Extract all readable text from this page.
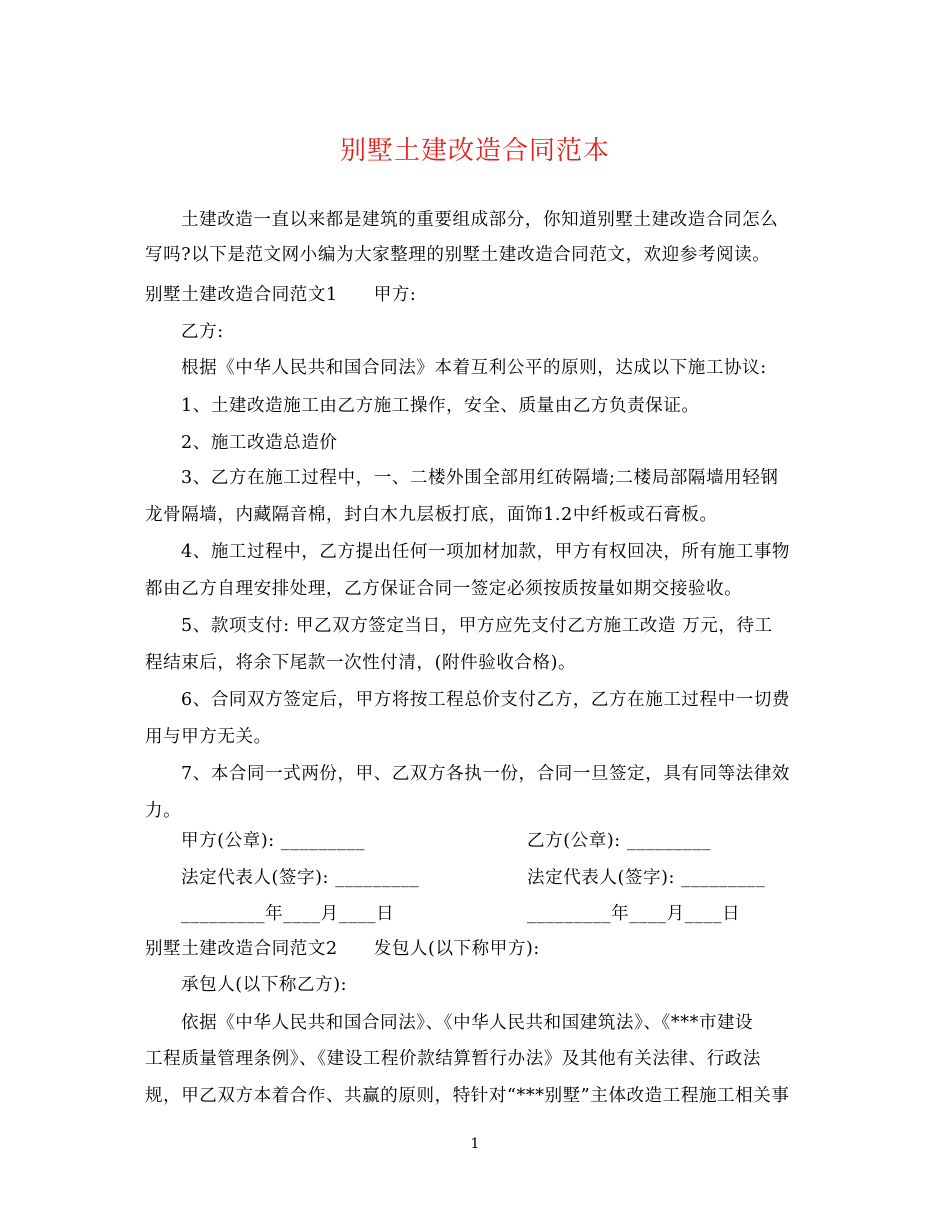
别墅土建改造合同范本
土建改造一直以来都是建筑的重要组成部分，你知道别墅土建改造合同怎么
写吗?以下是范文网小编为大家整理的别墅土建改造合同范文，欢迎参考阅读。
别墅土建改造合同范文1 甲方:
乙方:
根据《中华人民共和国合同法》本着互利公平的原则，达成以下施工协议:
1、土建改造施工由乙方施工操作，安全、质量由乙方负责保证。
2、施工改造总造价
3、乙方在施工过程中，一、二楼外围全部用红砖隔墙;二楼局部隔墙用轻钢
龙骨隔墙，内藏隔音棉，封白木九层板打底，面饰1.2中纤板或石膏板。
4、施工过程中，乙方提出任何一项加材加款，甲方有权回决，所有施工事物
都由乙方自理安排处理，乙方保证合同一签定必须按质按量如期交接验收。
5、款项支付: 甲乙双方签定当日，甲方应先支付乙方施工改造 万元，待工
程结束后，将余下尾款一次性付清，(附件验收合格)。
6、合同双方签定后，甲方将按工程总价支付乙方，乙方在施工过程中一切费
用与甲方无关。
7、本合同一式两份，甲、乙双方各执一份，合同一旦签定，具有同等法律效
力。
甲方(公章): _________	乙方(公章): _________
法定代表人(签字): _________	法定代表人(签字): _________
_________年____月____日	_________年____月____日
别墅土建改造合同范文2 发包人(以下称甲方):
承包人(以下称乙方):
依据《中华人民共和国合同法》、《中华人民共和国建筑法》、《***市建设
工程质量管理条例》、《建设工程价款结算暂行办法》及其他有关法律、行政法
规，甲乙双方本着合作、共赢的原则，特针对“***别墅”主体改造工程施工相关事
1
